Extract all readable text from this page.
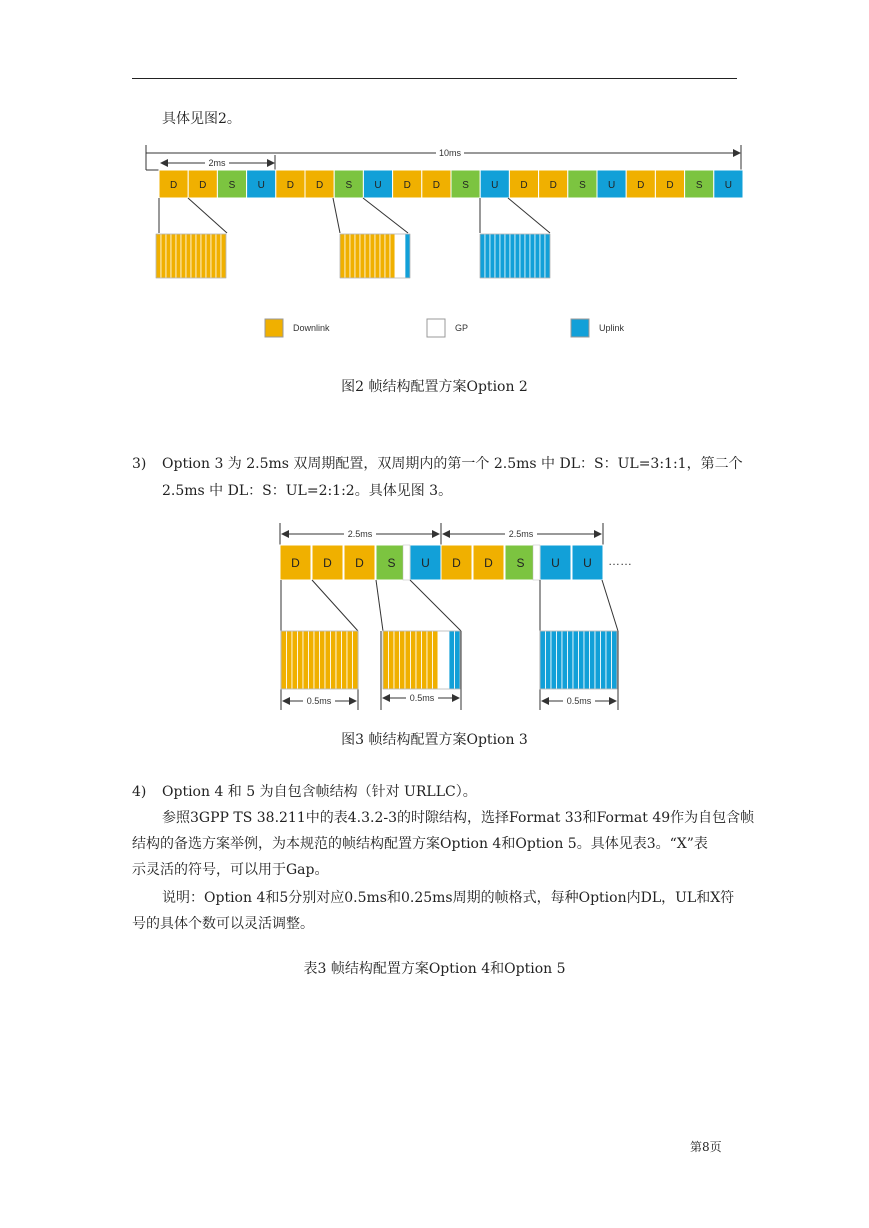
具体见图2。
10ms
2ms
D D S U D D S U D D S U D D S U D D S U
Downlink	GP	Uplink
图2 帧结构配置方案Option 2
3) Option 3 为 2.5ms 双周期配置，双周期内的第一个 2.5ms 中 DL：S：UL=3:1:1，第二个
2.5ms 中 DL：S：UL=2:1:2。具体见图 3。
2.5ms	2.5ms
D D D S U D D S U U ……
0.5ms	0.5ms	0.5ms
图3 帧结构配置方案Option 3
4) Option 4 和 5 为自包含帧结构（针对 URLLC）。
参照3GPP TS 38.211中的表4.3.2-3的时隙结构，选择Format 33和Format 49作为自包含帧
结构的备选方案举例，为本规范的帧结构配置方案Option 4和Option 5。具体见表3。“X”表
示灵活的符号，可以用于Gap。
说明：Option 4和5分别对应0.5ms和0.25ms周期的帧格式，每种Option内DL，UL和X符
号的具体个数可以灵活调整。
表3 帧结构配置方案Option 4和Option 5
第8页
